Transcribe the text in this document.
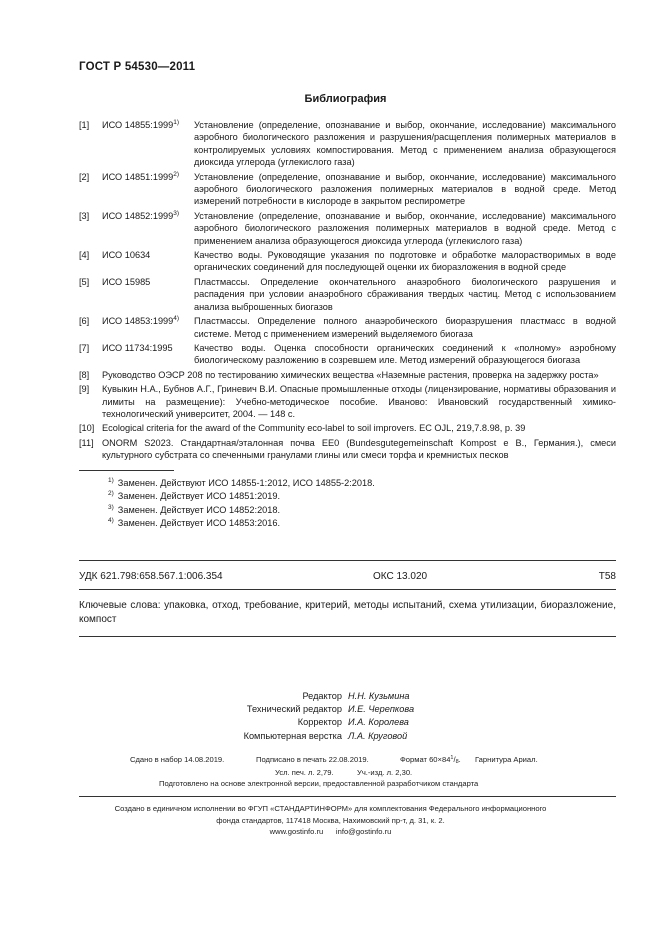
ГОСТ Р 54530—2011
Библиография
[1]	ИСО 14855:1999$^{1)}$	Установление (определение, опознавание и выбор, окончание, исследование) максимального аэробного биологического разложения и разрушения/расщепления полимерных материалов в контролируемых условиях компостирования. Метод с применением анализа образующегося диоксида углерода (углекислого газа)
[2]	ИСО 14851:1999$^{2)}$	Установление (определение, опознавание и выбор, окончание, исследование) максимального аэробного биологического разложения полимерных материалов в водной среде. Метод измерений потребности в кислороде в закрытом респирометре
[3]	ИСО 14852:1999$^{3)}$	Установление (определение, опознавание и выбор, окончание, исследование) максимального аэробного биологического разложения полимерных материалов в водной среде. Метод с применением анализа образующегося диоксида углерода (углекислого газа)
[4]	ИСО 10634	Качество воды. Руководящие указания по подготовке и обработке малорастворимых в воде органических соединений для последующей оценки их биоразложения в водной среде
[5]	ИСО 15985	Пластмассы. Определение окончательного анаэробного биологического разрушения и распадения при условии анаэробного сбраживания твердых частиц. Метод с использованием анализа выброшенных биогазов
[6]	ИСО 14853:1999$^{4)}$	Пластмассы. Определение полного анаэробического биоразрушения пластмасс в водной системе. Метод с применением измерений выделяемого биогаза
[7]	ИСО 11734:1995	Качество воды. Оценка способности органических соединений к «полному» аэробному биологическому разложению в созревшем иле. Метод измерений образующегося биогаза
[8]	Руководство ОЭСР 208 по тестированию химических вещества «Наземные растения, проверка на задержку роста»
[9]	Кувыкин Н.А., Бубнов А.Г., Гриневич В.И. Опасные промышленные отходы (лицензирование, нормативы образования и лимиты на размещение): Учебно-методическое пособие. Иваново: Ивановский государственный химико-технологический университет, 2004. — 148 с.
[10] Ecological criteria for the award of the Community eco-label to soil improvers. EC OJL, 219,7.8.98, p. 39
[11] ONORM S2023. Стандартная/эталонная почва EE0 (Bundesgutegemeinschaft Kompost e B., Германия.), смеси культурного субстрата со спеченными гранулами глины или смеси торфа и кремнистых песков
$^{1)}$ Заменен. Действуют ИСО 14855-1:2012, ИСО 14855-2:2018.
$^{2)}$ Заменен. Действует ИСО 14851:2019.
$^{3)}$ Заменен. Действует ИСО 14852:2018.
$^{4)}$ Заменен. Действует ИСО 14853:2016.
УДК 621.798:658.567.1:006.354	ОКС 13.020	Т58
Ключевые слова: упаковка, отход, требование, критерий, методы испытаний, схема утилизации, биоразложение, компост
Редактор Н.Н. Кузьмина
Технический редактор И.Е. Черепкова
Корректор И.А. Королева
Компьютерная верстка Л.А. Круговой
Сдано в набор 14.08.2019.	Подписано в печать 22.08.2019.	Формат $60\times 84^1/_8$. Гарнитура Ариал.
Усл. печ. л. 2,79.	Уч.-изд. л. 2,30.
Подготовлено на основе электронной версии, предоставленной разработчиком стандарта
Создано в единичном исполнении во ФГУП «СТАНДАРТИНФОРМ» для комплектования Федерального информационного
фонда стандартов, 117418 Москва, Нахимовский пр-т, д. 31, к. 2.
www.gostinfo.ru info@gostinfo.ru
